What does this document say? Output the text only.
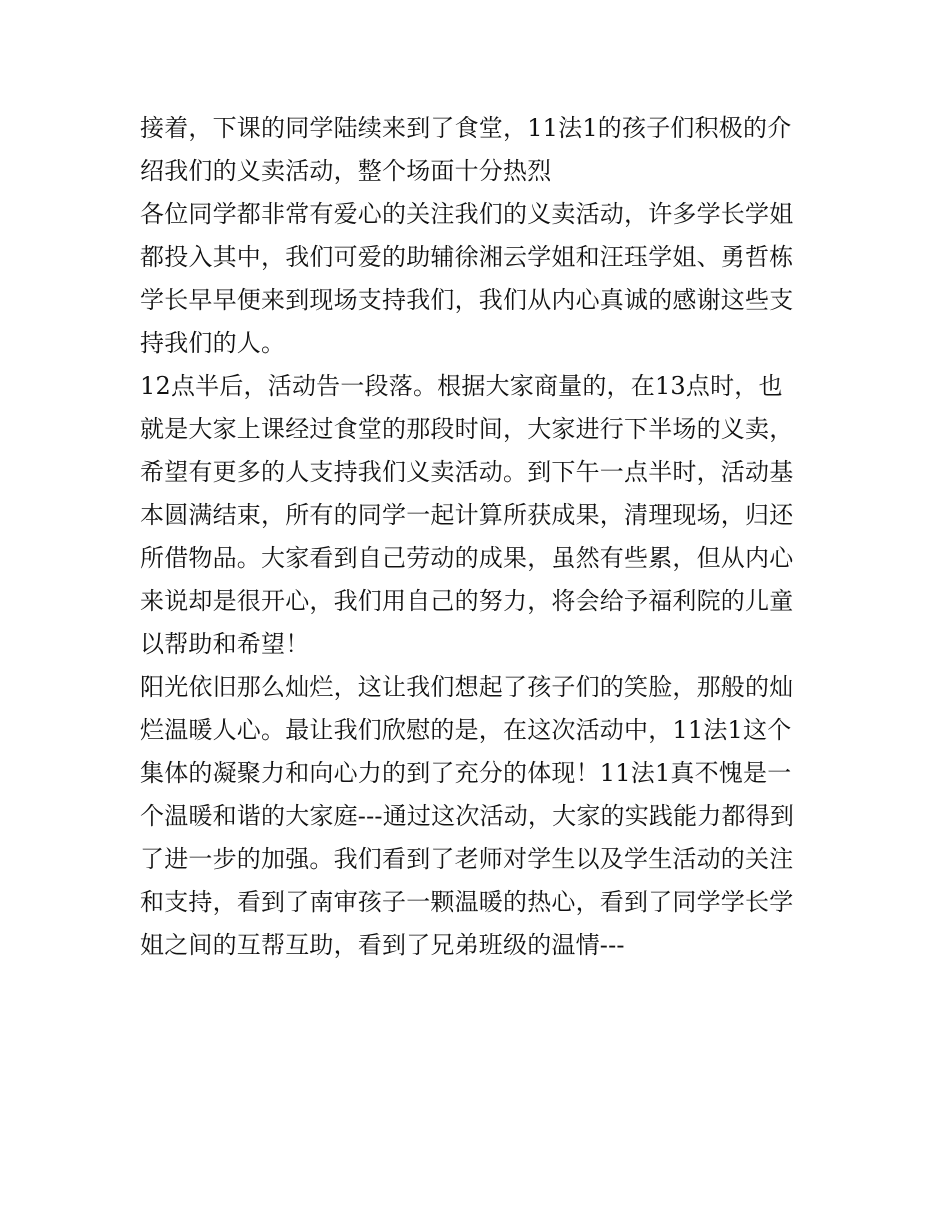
接着，下课的同学陆续来到了食堂，11法1的孩子们积极的介
绍我们的义卖活动，整个场面十分热烈

各位同学都非常有爱心的关注我们的义卖活动，许多学长学姐
都投入其中，我们可爱的助辅徐湘云学姐和汪珏学姐、勇哲栋
学长早早便来到现场支持我们，我们从内心真诚的感谢这些支
持我们的人。

12点半后，活动告一段落。根据大家商量的，在13点时，也
就是大家上课经过食堂的那段时间，大家进行下半场的义卖，
希望有更多的人支持我们义卖活动。到下午一点半时，活动基
本圆满结束，所有的同学一起计算所获成果，清理现场，归还
所借物品。大家看到自己劳动的成果，虽然有些累，但从内心
来说却是很开心，我们用自己的努力，将会给予福利院的儿童
以帮助和希望！

阳光依旧那么灿烂，这让我们想起了孩子们的笑脸，那般的灿
烂温暖人心。最让我们欣慰的是，在这次活动中，11法1这个
集体的凝聚力和向心力的到了充分的体现！11法1真不愧是一
个温暖和谐的大家庭---通过这次活动，大家的实践能力都得到
了进一步的加强。我们看到了老师对学生以及学生活动的关注
和支持，看到了南审孩子一颗温暖的热心，看到了同学学长学
姐之间的互帮互助，看到了兄弟班级的温情---
